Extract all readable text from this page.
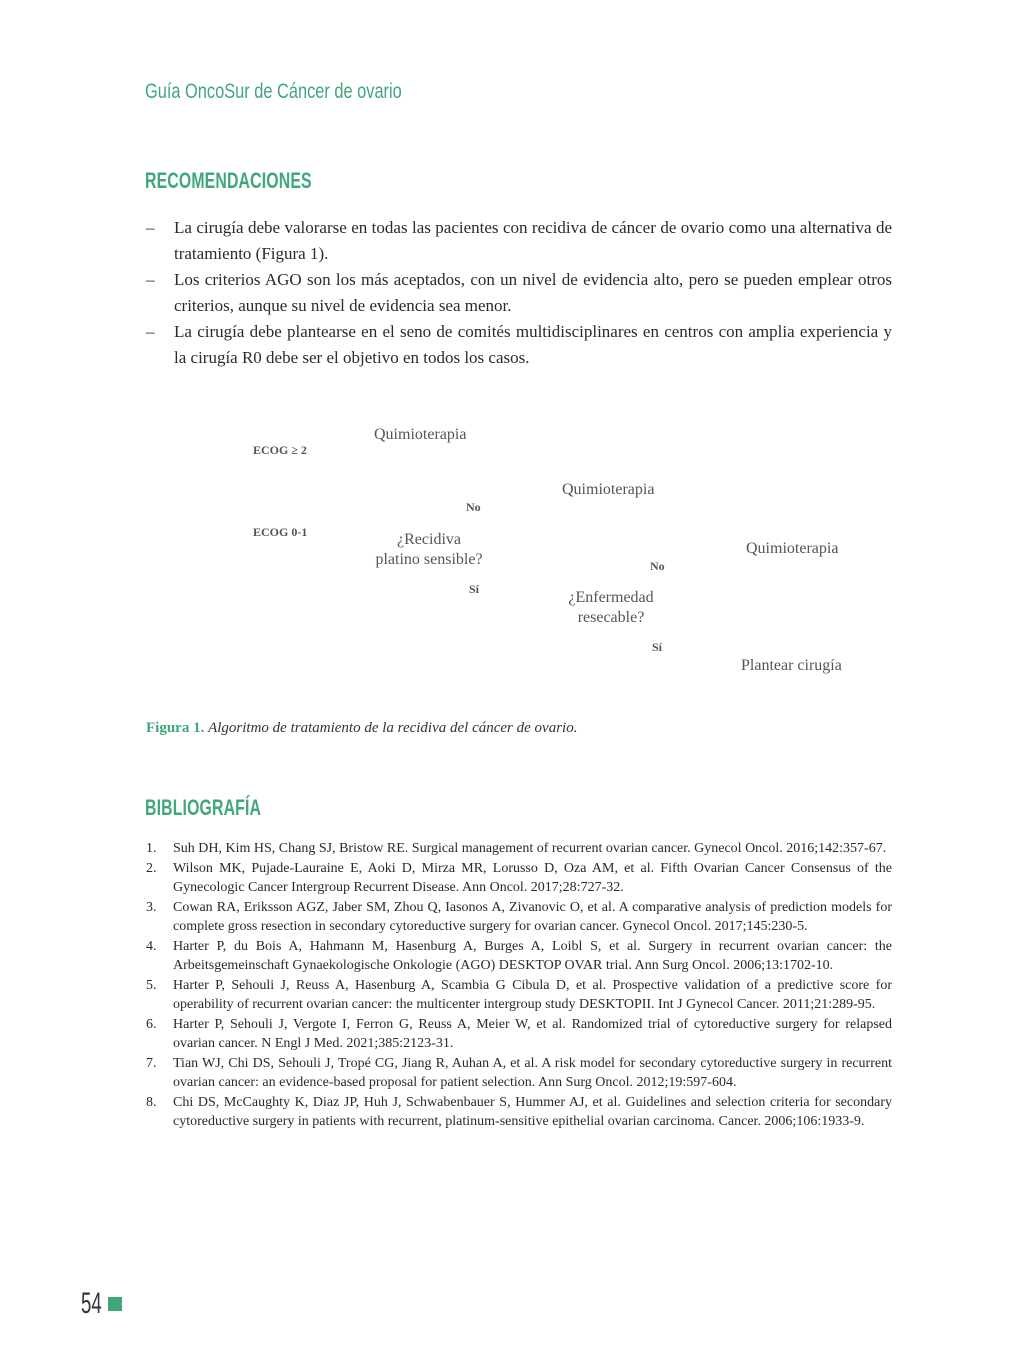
Guía OncoSur de Cáncer de ovario
RECOMENDACIONES
– La cirugía debe valorarse en todas las pacientes con recidiva de cáncer de ovario como una alternativa de tratamiento (Figura 1).
– Los criterios AGO son los más aceptados, con un nivel de evidencia alto, pero se pueden emplear otros criterios, aunque su nivel de evidencia sea menor.
– La cirugía debe plantearse en el seno de comités multidisciplinares en centros con amplia experiencia y la cirugía R0 debe ser el objetivo en todos los casos.
ECOG ≥ 2
ECOG 0-1
Quimioterapia
Quimioterapia
Quimioterapia
No
¿Recidiva
platino sensible?
Sí
No
¿Enfermedad
resecable?
Sí
Plantear cirugía
Figura 1. Algoritmo de tratamiento de la recidiva del cáncer de ovario.
BIBLIOGRAFÍA
1. Suh DH, Kim HS, Chang SJ, Bristow RE. Surgical management of recurrent ovarian cancer. Gynecol Oncol. 2016;142:357-67.
2. Wilson MK, Pujade-Lauraine E, Aoki D, Mirza MR, Lorusso D, Oza AM, et al. Fifth Ovarian Cancer Consensus of the Gynecologic Cancer Intergroup Recurrent Disease. Ann Oncol. 2017;28:727-32.
3. Cowan RA, Eriksson AGZ, Jaber SM, Zhou Q, Iasonos A, Zivanovic O, et al. A comparative analysis of prediction models for complete gross resection in secondary cytoreductive surgery for ovarian cancer. Gynecol Oncol. 2017;145:230-5.
4. Harter P, du Bois A, Hahmann M, Hasenburg A, Burges A, Loibl S, et al. Surgery in recurrent ovarian cancer: the Arbeitsgemeinschaft Gynaekologische Onkologie (AGO) DESKTOP OVAR trial. Ann Surg Oncol. 2006;13:1702-10.
5. Harter P, Sehouli J, Reuss A, Hasenburg A, Scambia G Cibula D, et al. Prospective validation of a predictive score for operability of recurrent ovarian cancer: the multicenter intergroup study DESKTOPII. Int J Gynecol Cancer. 2011;21:289-95.
6. Harter P, Sehouli J, Vergote I, Ferron G, Reuss A, Meier W, et al. Randomized trial of cytoreductive surgery for relapsed ovarian cancer. N Engl J Med. 2021;385:2123-31.
7. Tian WJ, Chi DS, Sehouli J, Tropé CG, Jiang R, Auhan A, et al. A risk model for secondary cytoreductive surgery in recurrent ovarian cancer: an evidence-based proposal for patient selection. Ann Surg Oncol. 2012;19:597-604.
8. Chi DS, McCaughty K, Diaz JP, Huh J, Schwabenbauer S, Hummer AJ, et al. Guidelines and selection criteria for secondary cytoreductive surgery in patients with recurrent, platinum-sensitive epithelial ovarian carcinoma. Cancer. 2006;106:1933-9.
54
